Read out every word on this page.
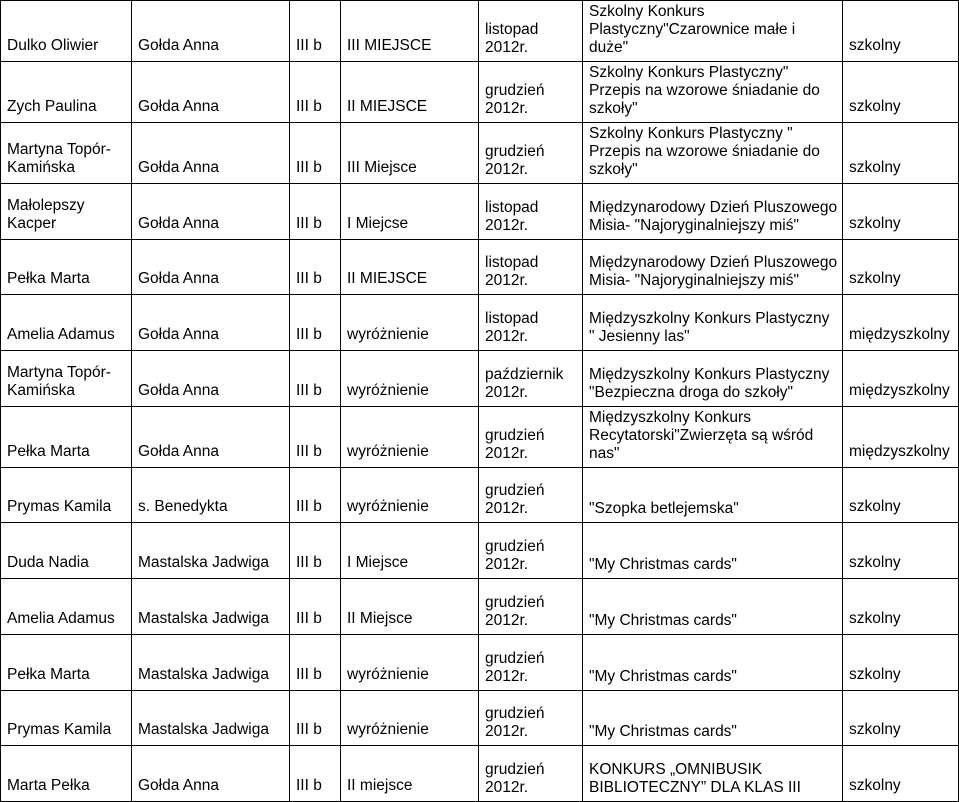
Dulko Oliwier	Gołda Anna	III b	III MIEJSCE	listopad 2012r.	Szkolny Konkurs Plastyczny"Czarownice małe i duże"	szkolny
Zych Paulina	Gołda Anna	III b	II MIEJSCE	grudzień 2012r.	Szkolny Konkurs Plastyczny" Przepis na wzorowe śniadanie do szkoły"	szkolny
Martyna Topór-Kamińska	Gołda Anna	III b	III Miejsce	grudzień 2012r.	Szkolny Konkurs Plastyczny " Przepis na wzorowe śniadanie do szkoły"	szkolny
Małolepszy Kacper	Gołda Anna	III b	I Miejcse	listopad 2012r.	Międzynarodowy Dzień Pluszowego Misia- "Najoryginalniejszy miś"	szkolny
Pełka Marta	Gołda Anna	III b	II MIEJSCE	listopad 2012r.	Międzynarodowy Dzień Pluszowego Misia- "Najoryginalniejszy miś"	szkolny
Amelia Adamus	Gołda Anna	III b	wyróżnienie	listopad 2012r.	Międzyszkolny Konkurs Plastyczny " Jesienny las"	międzyszkolny
Martyna Topór-Kamińska	Gołda Anna	III b	wyróżnienie	październik 2012r.	Międzyszkolny Konkurs Plastyczny "Bezpieczna droga do szkoły"	międzyszkolny
Pełka Marta	Gołda Anna	III b	wyróżnienie	grudzień 2012r.	Międzyszkolny Konkurs Recytatorski"Zwierzęta są wśród nas"	międzyszkolny
Prymas Kamila	s. Benedykta	III b	wyróżnienie	grudzień 2012r.	"Szopka betlejemska"	szkolny
Duda Nadia	Mastalska Jadwiga	III b	I Miejsce	grudzień 2012r.	"My Christmas cards"	szkolny
Amelia Adamus	Mastalska Jadwiga	III b	II Miejsce	grudzień 2012r.	"My Christmas cards"	szkolny
Pełka Marta	Mastalska Jadwiga	III b	wyróżnienie	grudzień 2012r.	"My Christmas cards"	szkolny
Prymas Kamila	Mastalska Jadwiga	III b	wyróżnienie	grudzień 2012r.	"My Christmas cards"	szkolny
Marta Pełka	Gołda Anna	III b	II miejsce	grudzień 2012r.	KONKURS „OMNIBUSIK BIBLIOTECZNY” DLA KLAS III	szkolny
